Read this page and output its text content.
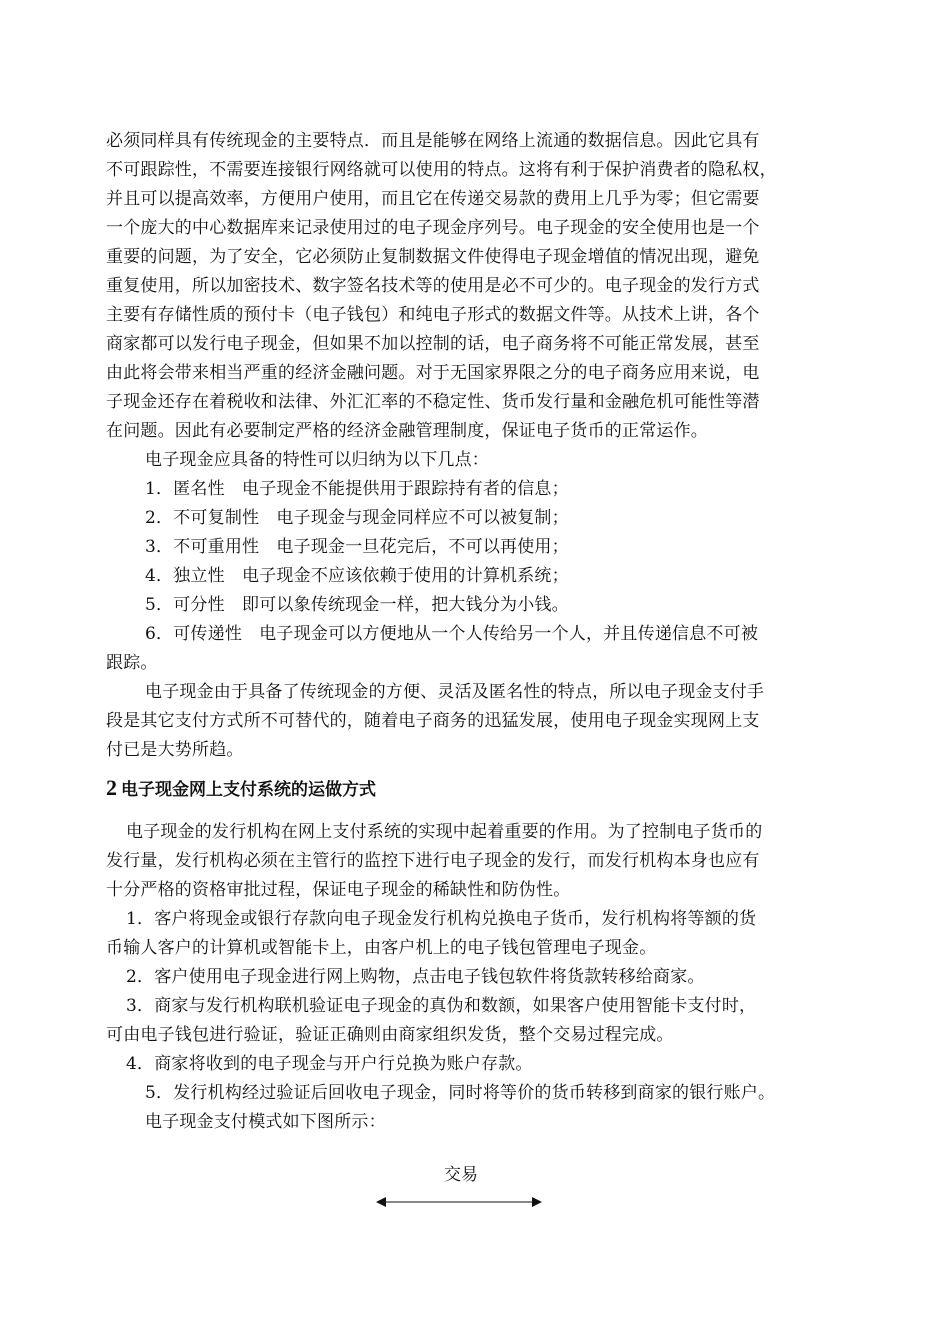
必须同样具有传统现金的主要特点．而且是能够在网络上流通的数据信息。因此它具有
不可跟踪性，不需要连接银行网络就可以使用的特点。这将有利于保护消费者的隐私权，
并且可以提高效率，方便用户使用，而且它在传递交易款的费用上几乎为零；但它需要
一个庞大的中心数据库来记录使用过的电子现金序列号。电子现金的安全使用也是一个
重要的问题，为了安全，它必须防止复制数据文件使得电子现金增值的情况出现，避免
重复使用，所以加密技术、数字签名技术等的使用是必不可少的。电子现金的发行方式
主要有存储性质的预付卡（电子钱包）和纯电子形式的数据文件等。从技术上讲，各个
商家都可以发行电子现金，但如果不加以控制的话，电子商务将不可能正常发展，甚至
由此将会带来相当严重的经济金融问题。对于无国家界限之分的电子商务应用来说，电
子现金还存在着税收和法律、外汇汇率的不稳定性、货币发行量和金融危机可能性等潜
在问题。因此有必要制定严格的经济金融管理制度，保证电子货币的正常运作。
电子现金应具备的特性可以归纳为以下几点：
1．匿名性　电子现金不能提供用于跟踪持有者的信息；
2．不可复制性　电子现金与现金同样应不可以被复制；
3．不可重用性　电子现金一旦花完后，不可以再使用；
4．独立性　电子现金不应该依赖于使用的计算机系统；
5．可分性　即可以象传统现金一样，把大钱分为小钱。
6．可传递性　电子现金可以方便地从一个人传给另一个人，并且传递信息不可被
跟踪。
电子现金由于具备了传统现金的方便、灵活及匿名性的特点，所以电子现金支付手
段是其它支付方式所不可替代的，随着电子商务的迅猛发展，使用电子现金实现网上支
付已是大势所趋。
2 电子现金网上支付系统的运做方式
电子现金的发行机构在网上支付系统的实现中起着重要的作用。为了控制电子货币的
发行量，发行机构必须在主管行的监控下进行电子现金的发行，而发行机构本身也应有
十分严格的资格审批过程，保证电子现金的稀缺性和防伪性。
1．客户将现金或银行存款向电子现金发行机构兑换电子货币，发行机构将等额的货
币输人客户的计算机或智能卡上，由客户机上的电子钱包管理电子现金。
2．客户使用电子现金进行网上购物，点击电子钱包软件将货款转移给商家。
3．商家与发行机构联机验证电子现金的真伪和数额，如果客户使用智能卡支付时，
可由电子钱包进行验证，验证正确则由商家组织发货，整个交易过程完成。
4．商家将收到的电子现金与开户行兑换为账户存款。
5．发行机构经过验证后回收电子现金，同时将等价的货币转移到商家的银行账户。
电子现金支付模式如下图所示：
交易
